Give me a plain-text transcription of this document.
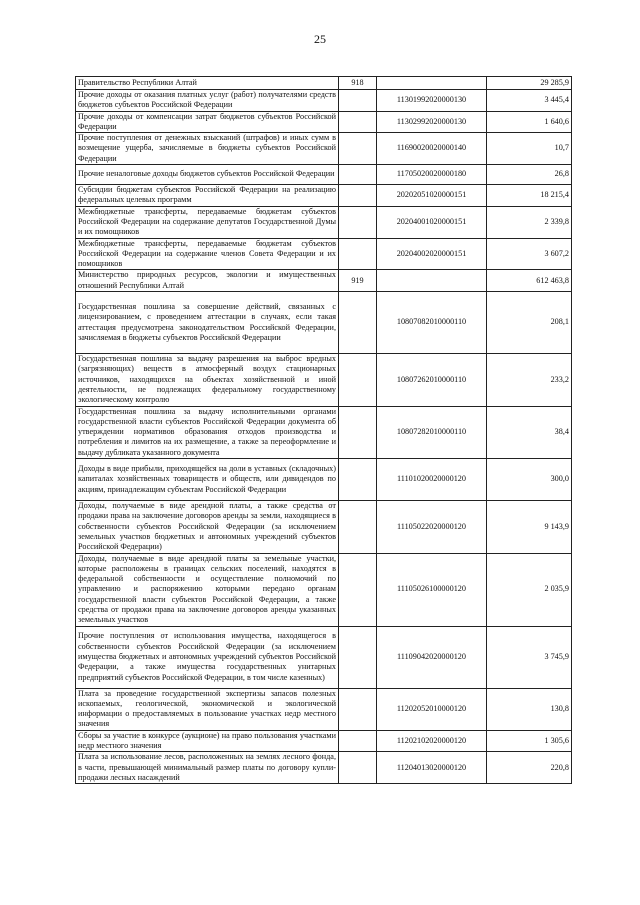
25
Правительство Республики Алтай	918		29 285,9
Прочие доходы от оказания платных услуг (работ) получателями средств бюджетов субъектов Российской Федерации		11301992020000130	3 445,4
Прочие доходы от компенсации затрат бюджетов субъектов Российской Федерации		11302992020000130	1 640,6
Прочие поступления от денежных взысканий (штрафов) и иных сумм в возмещение ущерба, зачисляемые в бюджеты субъектов Российской Федерации		11690020020000140	10,7
Прочие неналоговые доходы бюджетов субъектов Российской Федерации		11705020020000180	26,8
Субсидии бюджетам субъектов Российской Федерации на реализацию федеральных целевых программ		20202051020000151	18 215,4
Межбюджетные трансферты, передаваемые бюджетам субъектов Российской Федерации на содержание депутатов Государственной Думы и их помощников		20204001020000151	2 339,8
Межбюджетные трансферты, передаваемые бюджетам субъектов Российской Федерации на содержание членов Совета Федерации и их помощников		20204002020000151	3 607,2
Министерство природных ресурсов, экологии и имущественных отношений Республики Алтай	919		612 463,8
Государственная пошлина за совершение действий, связанных с лицензированием, с проведением аттестации в случаях, если такая аттестация предусмотрена законодательством Российской Федерации, зачисляемая в бюджеты субъектов Российской Федерации		10807082010000110	208,1
Государственная пошлина за выдачу разрешения на выброс вредных (загрязняющих) веществ в атмосферный воздух стационарных источников, находящихся на объектах хозяйственной и иной деятельности, не подлежащих федеральному государственному экологическому контролю		10807262010000110	233,2
Государственная пошлина за выдачу исполнительными органами государственной власти субъектов Российской Федерации документа об утверждении нормативов образования отходов производства и потребления и лимитов на их размещение, а также за переоформление и выдачу дубликата указанного документа		10807282010000110	38,4
Доходы в виде прибыли, приходящейся на доли в уставных (складочных) капиталах хозяйственных товариществ и обществ, или дивидендов по акциям, принадлежащим субъектам Российской Федерации		11101020020000120	300,0
Доходы, получаемые в виде арендной платы, а также средства от продажи права на заключение договоров аренды за земли, находящиеся в собственности субъектов Российской Федерации (за исключением земельных участков бюджетных и автономных учреждений субъектов Российской Федерации)		11105022020000120	9 143,9
Доходы, получаемые в виде арендной платы за земельные участки, которые расположены в границах сельских поселений, находятся в федеральной собственности и осуществление полномочий по управлению и распоряжению которыми передано органам государственной власти субъектов Российской Федерации, а также средства от продажи права на заключение договоров аренды указанных земельных участков		11105026100000120	2 035,9
Прочие поступления от использования имущества, находящегося в собственности субъектов Российской Федерации (за исключением имущества бюджетных и автономных учреждений субъектов Российской Федерации, а также имущества государственных унитарных предприятий субъектов Российской Федерации, в том числе казенных)		11109042020000120	3 745,9
Плата за проведение государственной экспертизы запасов полезных ископаемых, геологической, экономической и экологической информации о предоставляемых в пользование участках недр местного значения		11202052010000120	130,8
Сборы за участие в конкурсе (аукционе) на право пользования участками недр местного значения		11202102020000120	1 305,6
Плата за использование лесов, расположенных на землях лесного фонда, в части, превышающей минимальный размер платы по договору купли-продажи лесных насаждений		11204013020000120	220,8
